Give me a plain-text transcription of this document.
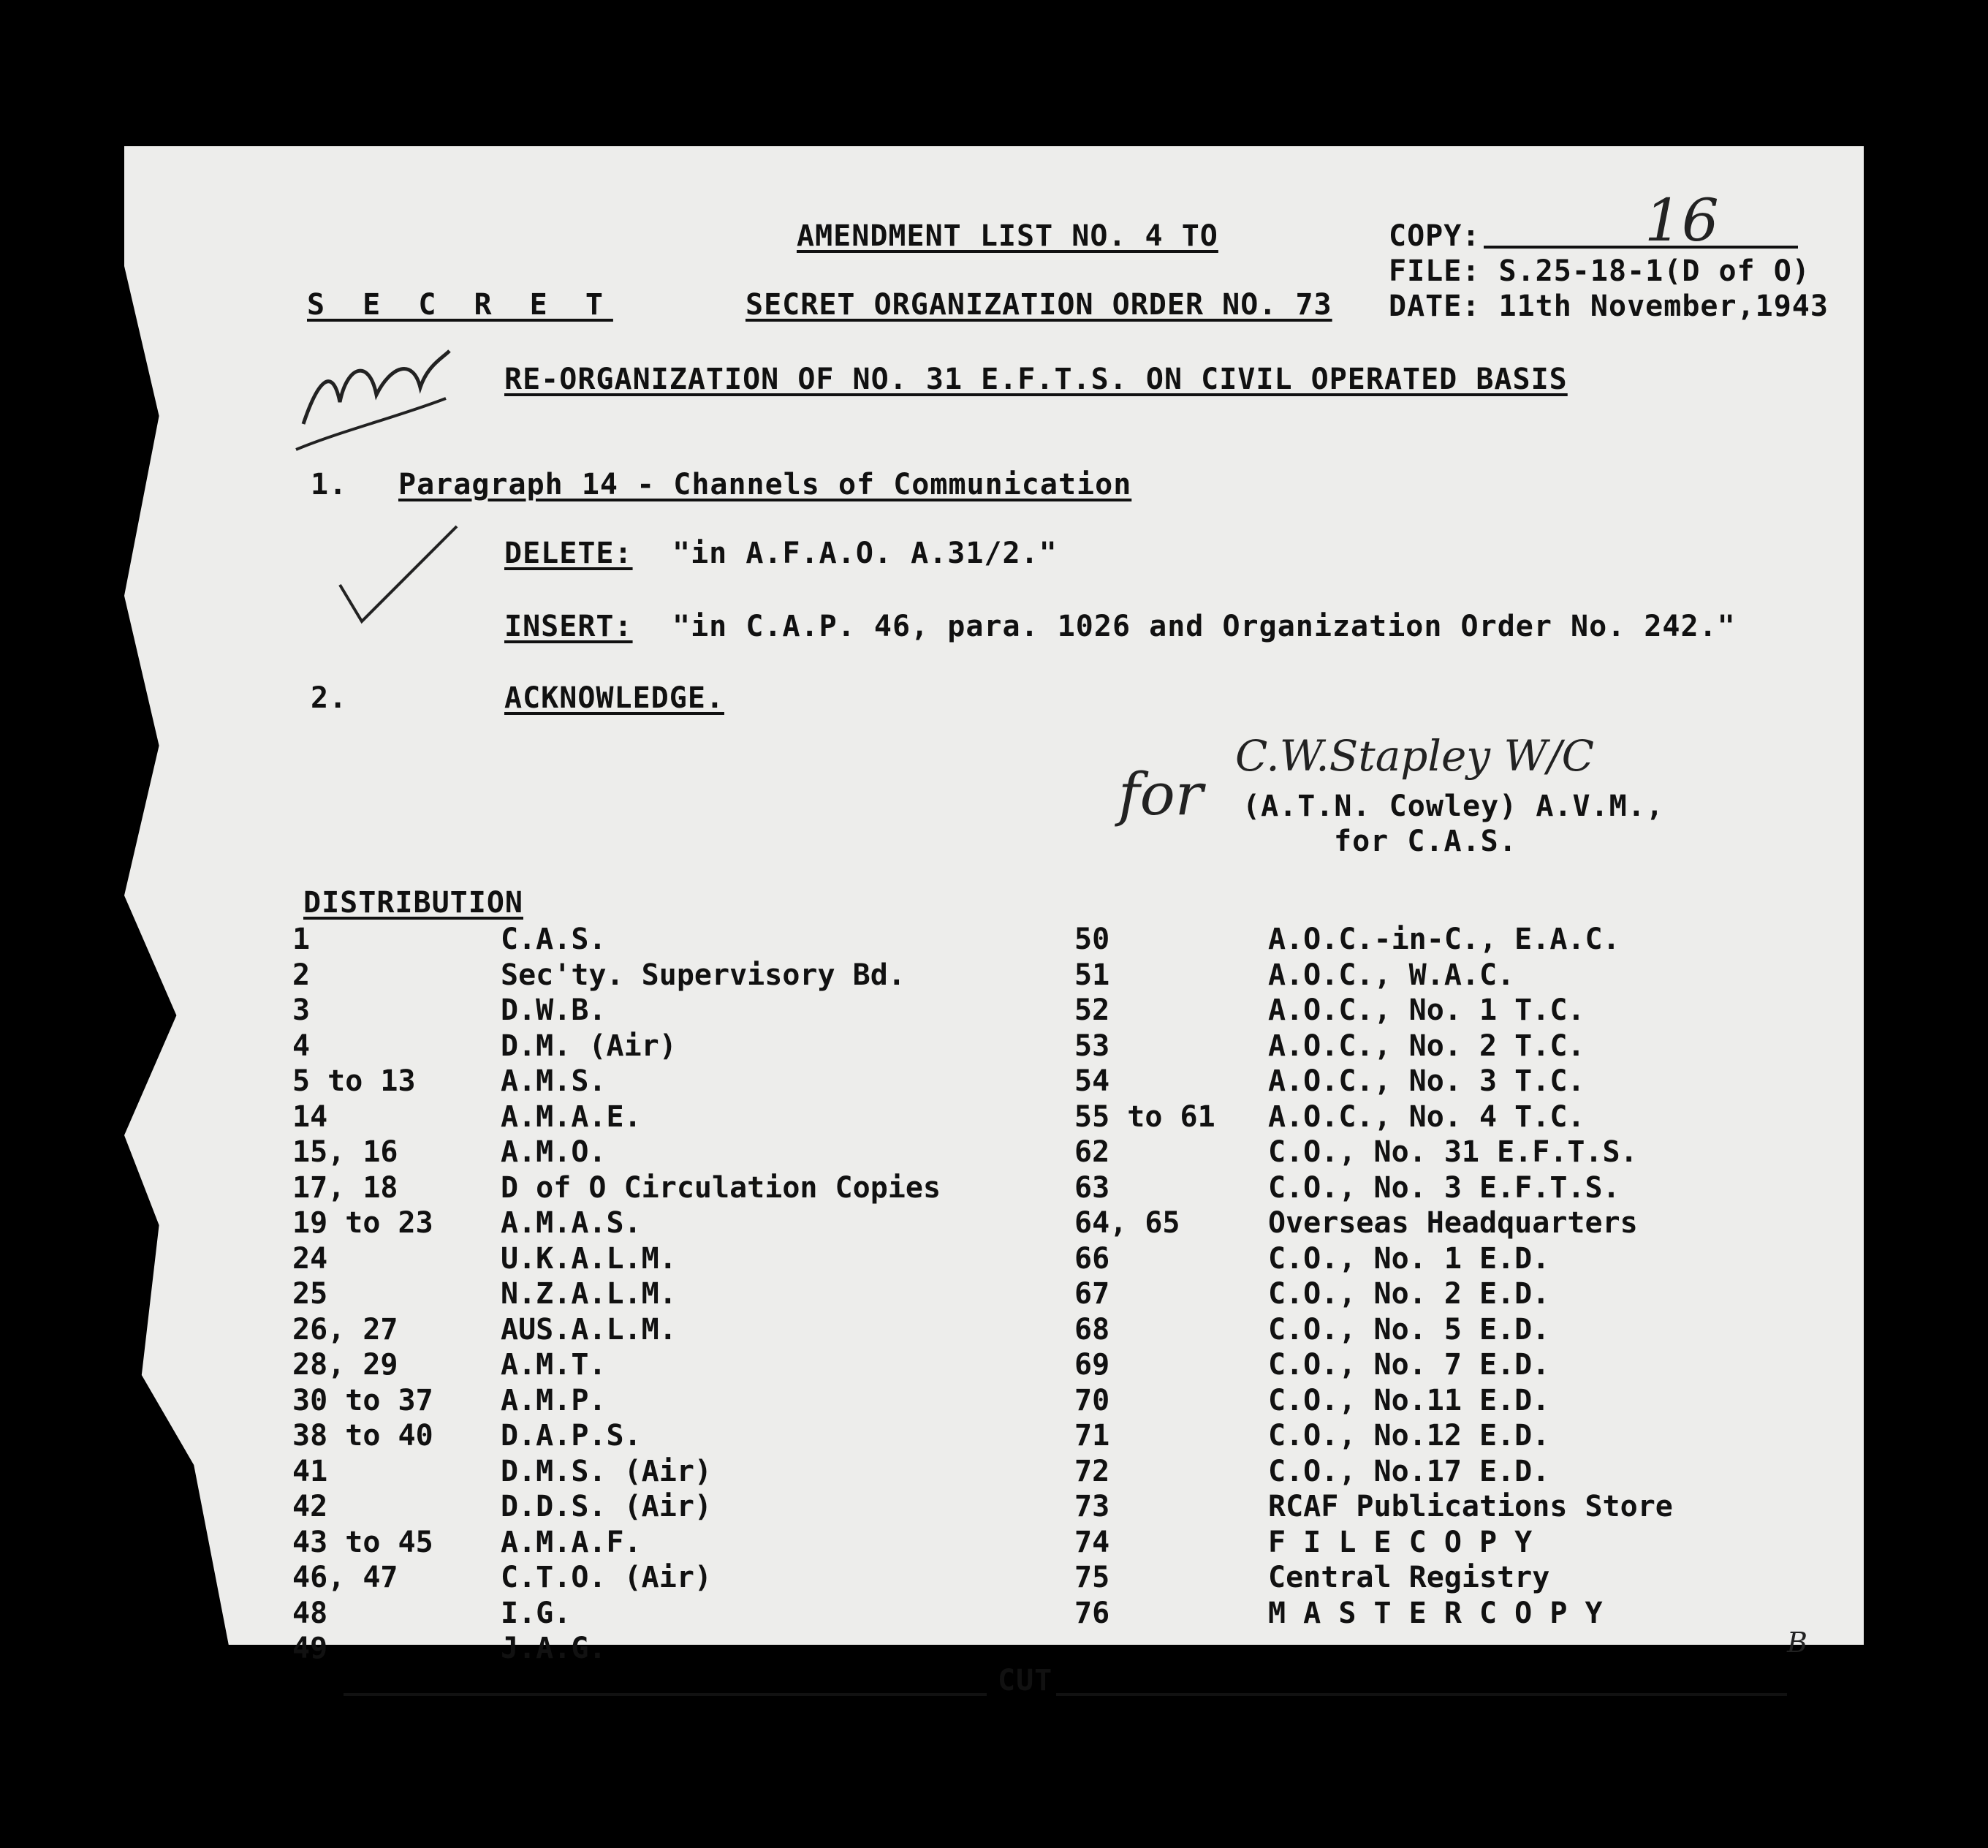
AMENDMENT LIST NO. 4 TO
S E C R E T	SECRET ORGANIZATION ORDER NO. 73
COPY:	16
FILE: S.25-18-1(D of O)
DATE: 11th November,1943
RE-ORGANIZATION OF NO. 31 E.F.T.S. ON CIVIL OPERATED BASIS
1. Paragraph 14 - Channels of Communication
DELETE: "in A.F.A.O. A.31/2."
INSERT: "in C.A.P. 46, para. 1026 and Organization Order No. 242."
2.	ACKNOWLEDGE.
for
C.W.Stapley W/C
(A.T.N. Cowley) A.V.M.,
for C.A.S.
DISTRIBUTION
1	C.A.S.
2	Sec'ty. Supervisory Bd.
3	D.W.B.
4	D.M. (Air)
5 to 13	A.M.S.
14	A.M.A.E.
15, 16	A.M.O.
17, 18	D of O Circulation Copies
19 to 23 A.M.A.S.
24	U.K.A.L.M.
25	N.Z.A.L.M.
26, 27	AUS.A.L.M.
28, 29	A.M.T.
30 to 37 A.M.P.
38 to 40 D.A.P.S.
41	D.M.S. (Air)
42	D.D.S. (Air)
43 to 45 A.M.A.F.
46, 47	C.T.O. (Air)
48	I.G.
49	J.A.G.
50	A.O.C.-in-C., E.A.C.
51	A.O.C., W.A.C.
52	A.O.C., No. 1 T.C.
53	A.O.C., No. 2 T.C.
54	A.O.C., No. 3 T.C.
55 to 61 A.O.C., No. 4 T.C.
62	C.O., No. 31 E.F.T.S.
63	C.O., No. 3 E.F.T.S.
64, 65	Overseas Headquarters
66	C.O., No. 1 E.D.
67	C.O., No. 2 E.D.
68	C.O., No. 5 E.D.
69	C.O., No. 7 E.D.
70	C.O., No.11 E.D.
71	C.O., No.12 E.D.
72	C.O., No.17 E.D.
73	RCAF Publications Store
74	F I L E C O P Y
75	Central Registry
76	M A S T E R C O P Y
CUT
B
